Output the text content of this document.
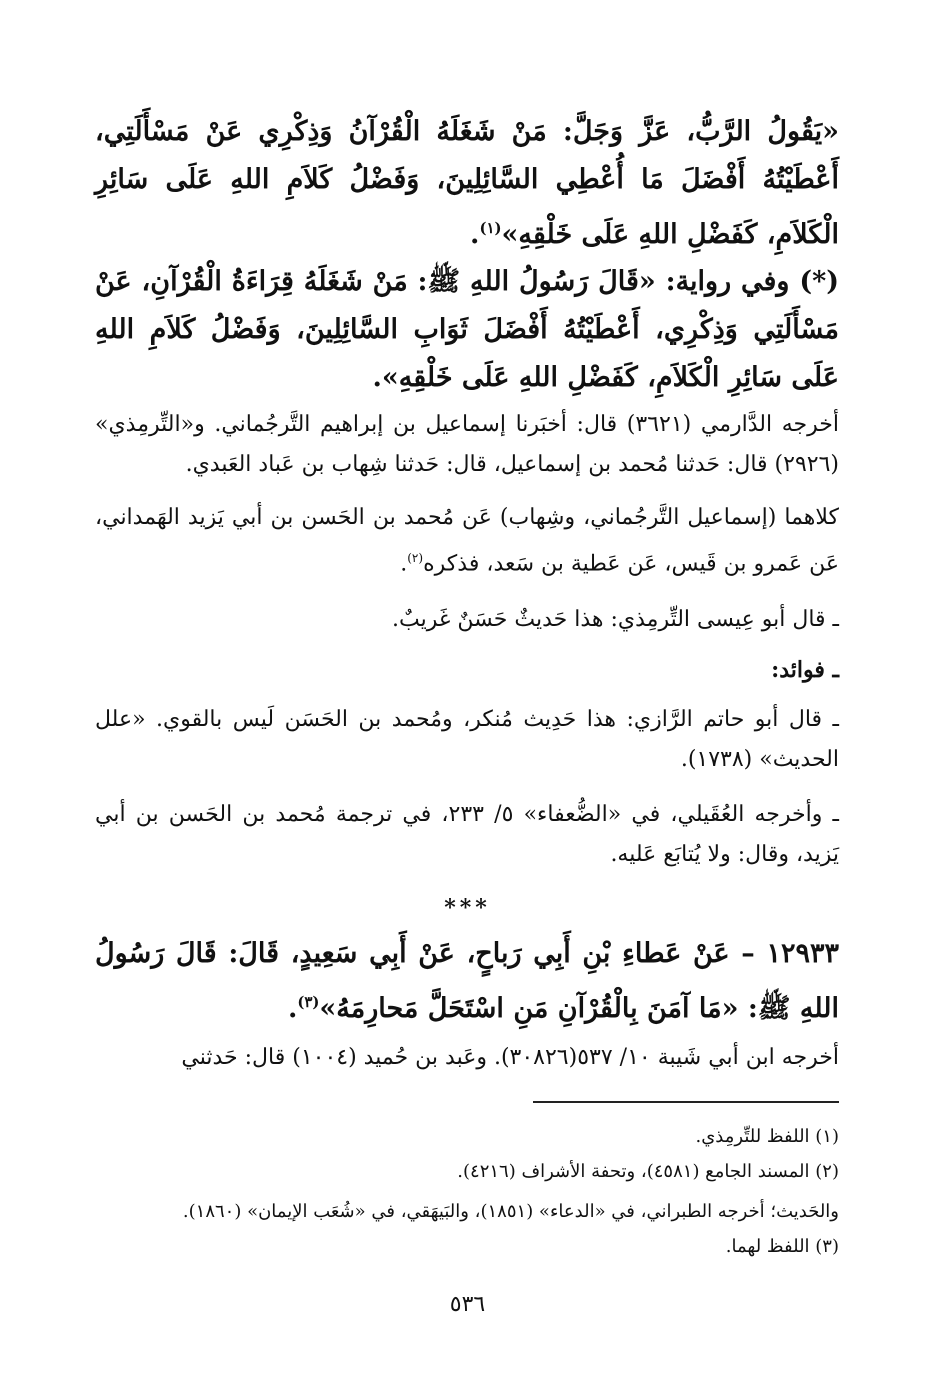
«يَقُولُ الرَّبُّ، عَزَّ وَجَلَّ: مَنْ شَغَلَهُ الْقُرْآنُ وَذِكْرِي عَنْ مَسْأَلَتِي، أَعْطَيْتُهُ أَفْضَلَ مَا أُعْطِي السَّائِلِينَ، وَفَضْلُ كَلاَمِ اللهِ عَلَى سَائِرِ الْكَلاَمِ، كَفَضْلِ اللهِ عَلَى خَلْقِهِ»$^{(١)}$.
(*) وفي رواية: «قَالَ رَسُولُ اللهِ ﷺ: مَنْ شَغَلَهُ قِرَاءَةُ الْقُرْآنِ، عَنْ مَسْأَلَتِي وَذِكْرِي، أَعْطَيْتُهُ أَفْضَلَ ثَوَابِ السَّائِلِينَ، وَفَضْلُ كَلاَمِ اللهِ عَلَى سَائِرِ الْكَلاَمِ، كَفَضْلِ اللهِ عَلَى خَلْقِهِ».
أخرجه الدَّارمي (٣٦٢١) قال: أخبَرنا إسماعيل بن إبراهيم التَّرجُماني. و«التِّرمِذي» (٢٩٢٦) قال: حَدثنا مُحمد بن إسماعيل، قال: حَدثنا شِهاب بن عَباد العَبدي.
كلاهما (إسماعيل التَّرجُماني، وشِهاب) عَن مُحمد بن الحَسن بن أبي يَزيد الهَمداني، عَن عَمرو بن قَيس، عَن عَطية بن سَعد، فذكره$^{(٢)}$.
ـ قال أبو عِيسى التِّرمِذي: هذا حَديثٌ حَسَنٌ غَريبٌ.
ـ فوائد:
ـ قال أبو حاتم الرَّازي: هذا حَدِيث مُنكر، ومُحمد بن الحَسَن لَيس بالقوي. «علل الحديث» (١٧٣٨).
ـ وأخرجه العُقَيلي، في «الضُّعفاء» ٥/ ٢٣٣، في ترجمة مُحمد بن الحَسن بن أبي يَزيد، وقال: ولا يُتابَع عَليه.
***
١٢٩٣٣ – عَنْ عَطاءِ بْنِ أَبِي رَباحٍ، عَنْ أَبِي سَعِيدٍ، قَالَ: قَالَ رَسُولُ اللهِ ﷺ: «مَا آمَنَ بِالْقُرْآنِ مَنِ اسْتَحَلَّ مَحارِمَهُ»$^{(٣)}$.
أخرجه ابن أبي شَيبة ١٠/ ٥٣٧(٣٠٨٢٦). وعَبد بن حُميد (١٠٠٤) قال: حَدثني
(١) اللفظ للتِّرمِذي.
(٢) المسند الجامع (٤٥٨١)، وتحفة الأشراف (٤٢١٦).
والحَديث؛ أخرجه الطبراني، في «الدعاء» (١٨٥١)، والبَيهَقي، في «شُعَب الإيمان» (١٨٦٠).
(٣) اللفظ لهما.
٥٣٦
